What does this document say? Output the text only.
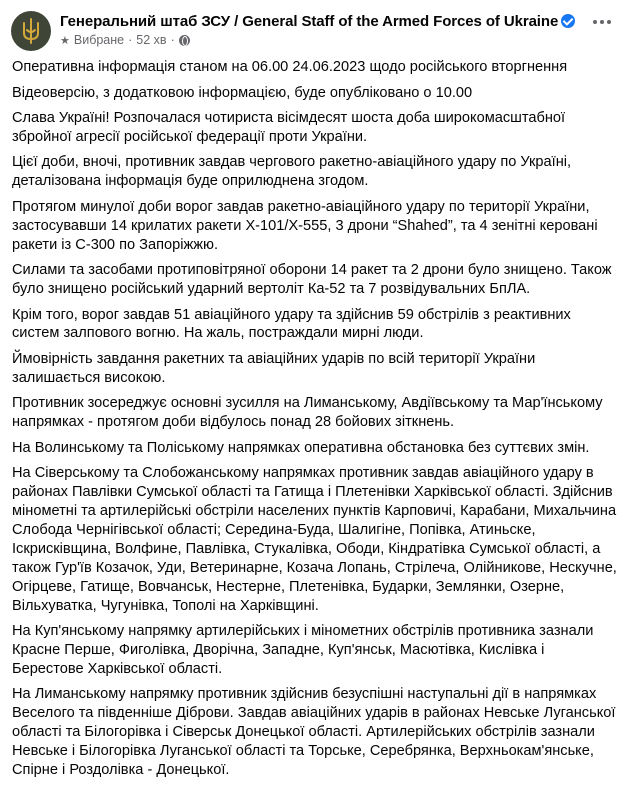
Генеральний штаб ЗСУ / General Staff of the Armed Forces of Ukraine
★ Вибране · 52 хв ·

Оперативна інформація станом на 06.00 24.06.2023 щодо російського вторгнення

Відеоверсію, з додатковою інформацією, буде опубліковано о 10.00

Слава Україні! Розпочалася чотириста вісімдесят шоста доба широкомасштабної збройної агресії російської федерації проти України.

Цієї доби, вночі, противник завдав чергового ракетно-авіаційного удару по Україні, деталізована інформація буде оприлюднена згодом.

Протягом минулої доби ворог завдав ракетно-авіаційного удару по території України, застосувавши 14 крилатих ракети Х-101/Х-555, 3 дрони “Shahed”, та 4 зенітні керовані ракети із С-300 по Запоріжжю.

Силами та засобами протиповітряної оборони 14 ракет та 2 дрони було знищено. Також було знищено російський ударний вертоліт Ка-52 та 7 розвідувальних БпЛА.

Крім того, ворог завдав 51 авіаційного удару та здійснив 59 обстрілів з реактивних систем залпового вогню. На жаль, постраждали мирні люди.

Ймовірність завдання ракетних та авіаційних ударів по всій території України залишається високою.

Противник зосереджує основні зусилля на Лиманському, Авдіївському та Мар'їнському напрямках - протягом доби відбулось понад 28 бойових зіткнень.

На Волинському та Поліському напрямках оперативна обстановка без суттєвих змін.

На Сіверському та Слобожанському напрямках противник завдав авіаційного удару в районах Павлівки Сумської області та Гатища і Плетенівки Харківської області. Здійснив мінометні та артилерійські обстріли населених пунктів Карповичі, Карабани, Михальчина Слобода Чернігівської області; Середина-Буда, Шалигіне, Попівка, Атиньске, Іскрисківщина, Волфине, Павлівка, Стукалівка, Ободи, Кіндратівка Сумської області, а також Гур'їв Козачок, Уди, Ветеринарне, Козача Лопань, Стрілеча, Олійникове, Нескучне, Огірцеве, Гатище, Вовчанськ, Нестерне, Плетенівка, Бударки, Землянки, Озерне, Вільхуватка, Чугунівка, Тополі на Харківщині.

На Куп'янському напрямку артилерійських і мінометних обстрілів противника зазнали Красне Перше, Фиголівка, Дворічна, Западне, Куп'янськ, Масютівка, Кислівка і Берестове Харківської області.

На Лиманському напрямку противник здійснив безуспішні наступальні дії в напрямках Веселого та південніше Діброви. Завдав авіаційних ударів в районах Невське Луганської області та Білогорівка і Сіверськ Донецької області. Артилерійських обстрілів зазнали Невське і Білогорівка Луганської області та Торське, Серебрянка, Верхньокам'янське, Спірне і Роздолівка - Донецької.
